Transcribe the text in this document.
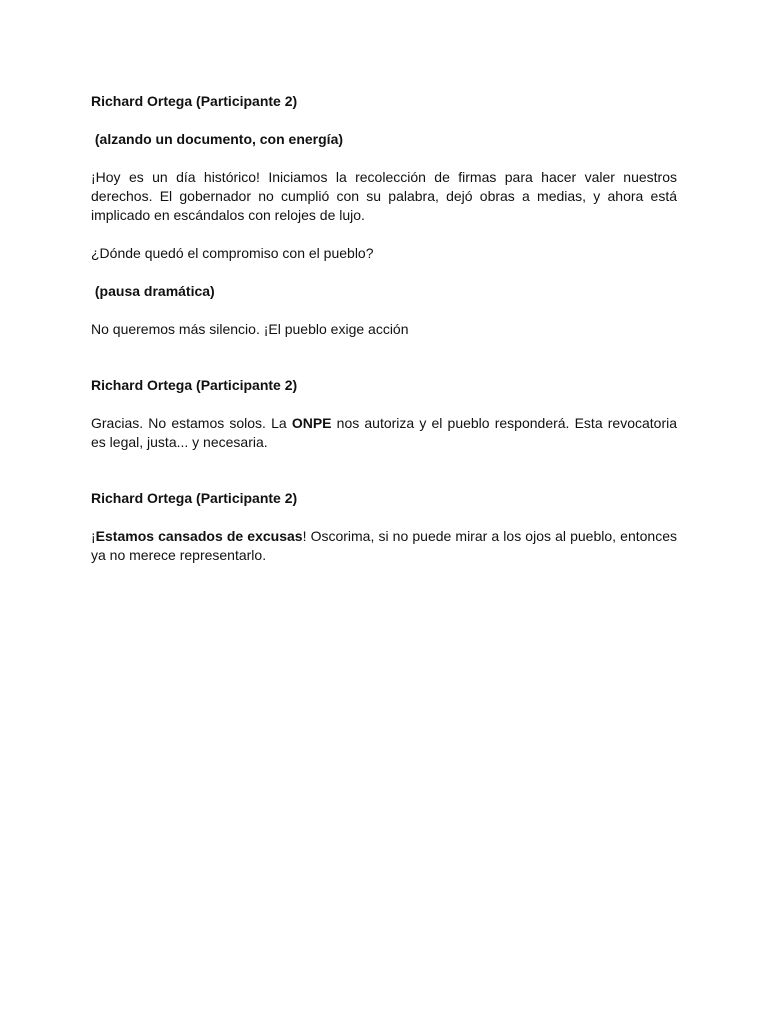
Richard Ortega (Participante 2)

(alzando un documento, con energía)

¡Hoy es un día histórico! Iniciamos la recolección de firmas para hacer valer nuestros derechos. El gobernador no cumplió con su palabra, dejó obras a medias, y ahora está implicado en escándalos con relojes de lujo.

¿Dónde quedó el compromiso con el pueblo?

(pausa dramática)

No queremos más silencio. ¡El pueblo exige acción

Richard Ortega (Participante 2)

Gracias. No estamos solos. La ONPE nos autoriza y el pueblo responderá. Esta revocatoria es legal, justa... y necesaria.

Richard Ortega (Participante 2)

¡Estamos cansados de excusas! Oscorima, si no puede mirar a los ojos al pueblo, entonces ya no merece representarlo.
